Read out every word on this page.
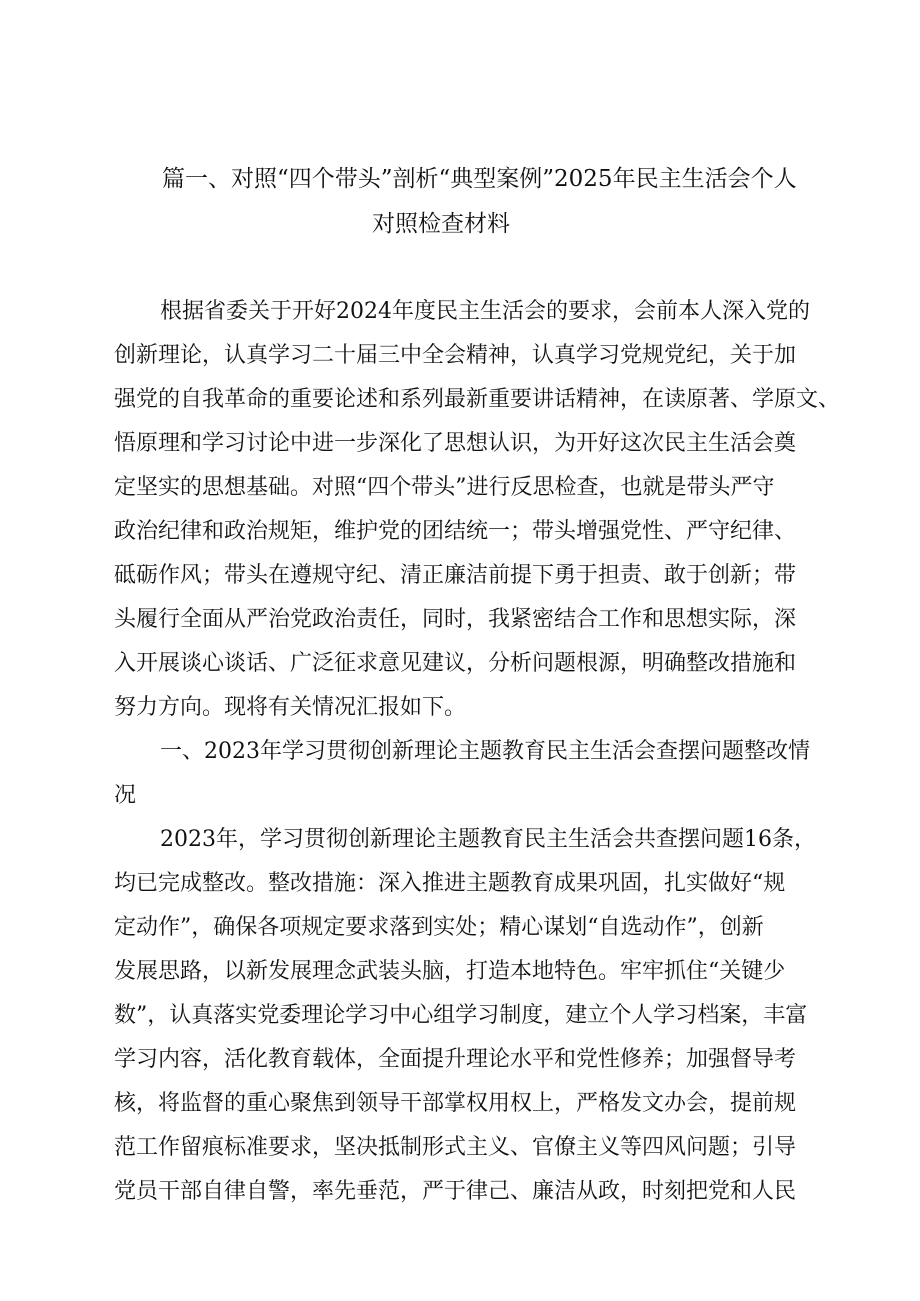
篇一、对照“四个带头”剖析“典型案例”2025年民主生活会个人
对照检查材料
根据省委关于开好2024年度民主生活会的要求，会前本人深入党的
创新理论，认真学习二十届三中全会精神，认真学习党规党纪，关于加
强党的自我革命的重要论述和系列最新重要讲话精神，在读原著、学原文、
悟原理和学习讨论中进一步深化了思想认识，为开好这次民主生活会奠
定坚实的思想基础。对照“四个带头”进行反思检查，也就是带头严守
政治纪律和政治规矩，维护党的团结统一；带头增强党性、严守纪律、
砥砺作风；带头在遵规守纪、清正廉洁前提下勇于担责、敢于创新；带
头履行全面从严治党政治责任，同时，我紧密结合工作和思想实际，深
入开展谈心谈话、广泛征求意见建议，分析问题根源，明确整改措施和
努力方向。现将有关情况汇报如下。
一、2023年学习贯彻创新理论主题教育民主生活会查摆问题整改情
况
2023年，学习贯彻创新理论主题教育民主生活会共查摆问题16条，
均已完成整改。整改措施：深入推进主题教育成果巩固，扎实做好“规
定动作”，确保各项规定要求落到实处；精心谋划“自选动作”，创新
发展思路，以新发展理念武装头脑，打造本地特色。牢牢抓住“关键少
数”，认真落实党委理论学习中心组学习制度，建立个人学习档案，丰富
学习内容，活化教育载体，全面提升理论水平和党性修养；加强督导考
核，将监督的重心聚焦到领导干部掌权用权上，严格发文办会，提前规
范工作留痕标准要求，坚决抵制形式主义、官僚主义等四风问题；引导
党员干部自律自警，率先垂范，严于律己、廉洁从政，时刻把党和人民
